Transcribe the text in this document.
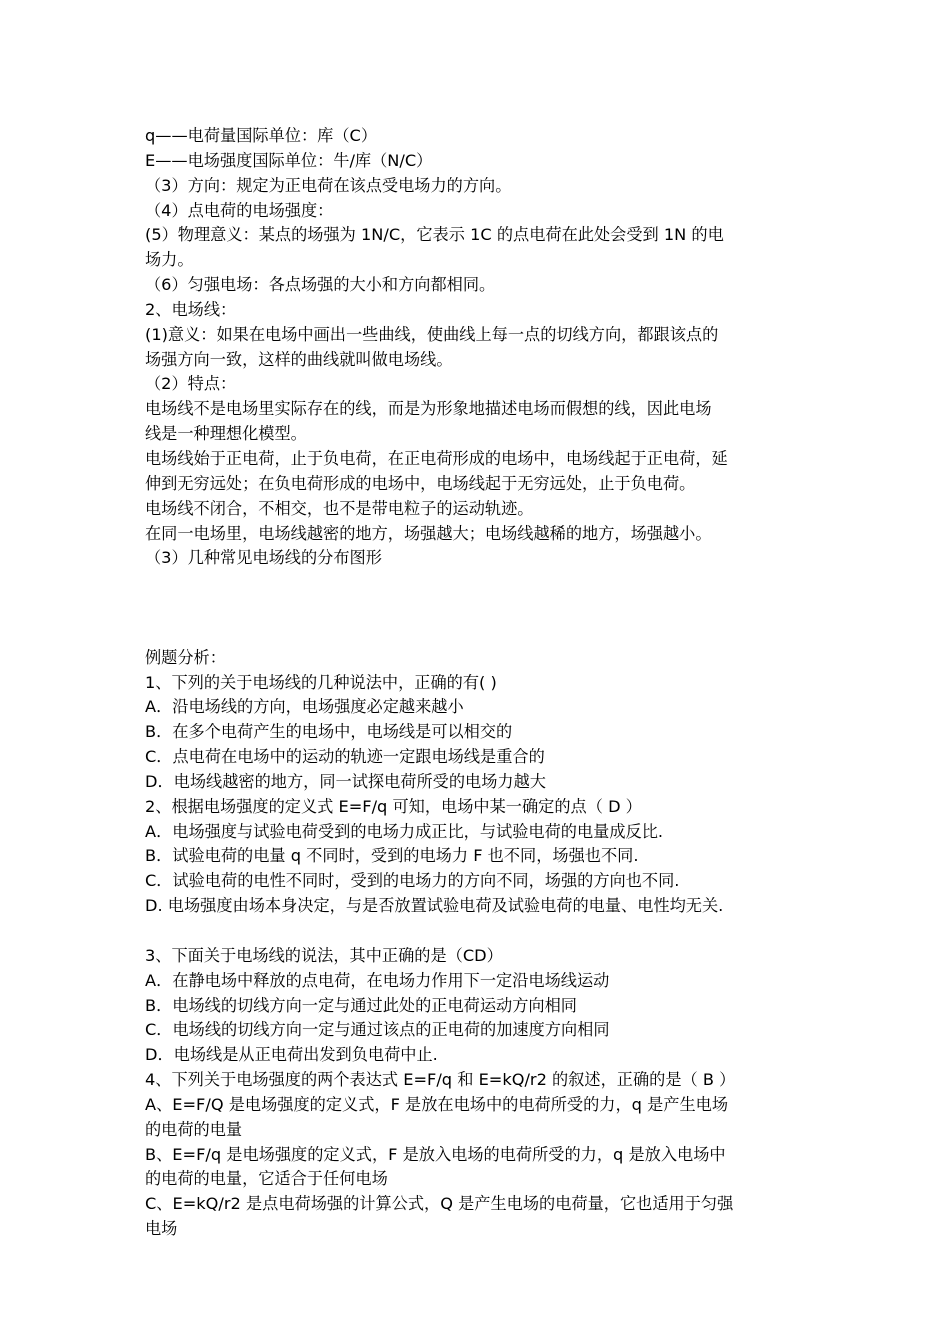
q——电荷量国际单位：库（C）
E——电场强度国际单位：牛/库（N/C）
（3）方向：规定为正电荷在该点受电场力的方向。
（4）点电荷的电场强度：
(5）物理意义：某点的场强为 1N/C，它表示 1C 的点电荷在此处会受到 1N 的电
场力。
（6）匀强电场：各点场强的大小和方向都相同。
2、电场线：
(1)意义：如果在电场中画出一些曲线，使曲线上每一点的切线方向，都跟该点的
场强方向一致，这样的曲线就叫做电场线。
（2）特点：
电场线不是电场里实际存在的线，而是为形象地描述电场而假想的线，因此电场
线是一种理想化模型。
电场线始于正电荷，止于负电荷，在正电荷形成的电场中，电场线起于正电荷，延
伸到无穷远处；在负电荷形成的电场中，电场线起于无穷远处，止于负电荷。
电场线不闭合，不相交，也不是带电粒子的运动轨迹。
在同一电场里，电场线越密的地方，场强越大；电场线越稀的地方，场强越小。
（3）几种常见电场线的分布图形
例题分析：
1、下列的关于电场线的几种说法中，正确的有( )
A．沿电场线的方向，电场强度必定越来越小
B．在多个电荷产生的电场中，电场线是可以相交的
C．点电荷在电场中的运动的轨迹一定跟电场线是重合的
D．电场线越密的地方，同一试探电荷所受的电场力越大
2、根据电场强度的定义式 E=F/q 可知，电场中某一确定的点（ D ）
A．电场强度与试验电荷受到的电场力成正比，与试验电荷的电量成反比.
B．试验电荷的电量 q 不同时，受到的电场力 F 也不同，场强也不同.
C．试验电荷的电性不同时，受到的电场力的方向不同，场强的方向也不同.
D. 电场强度由场本身决定，与是否放置试验电荷及试验电荷的电量、电性均无关.
3、下面关于电场线的说法，其中正确的是（CD）
A．在静电场中释放的点电荷，在电场力作用下一定沿电场线运动
B．电场线的切线方向一定与通过此处的正电荷运动方向相同
C．电场线的切线方向一定与通过该点的正电荷的加速度方向相同
D．电场线是从正电荷出发到负电荷中止.
4、下列关于电场强度的两个表达式 E=F/q 和 E=kQ/r2 的叙述，正确的是（ B ）
A、E=F/Q 是电场强度的定义式，F 是放在电场中的电荷所受的力，q 是产生电场
的电荷的电量
B、E=F/q 是电场强度的定义式，F 是放入电场的电荷所受的力，q 是放入电场中
的电荷的电量，它适合于任何电场
C、E=kQ/r2 是点电荷场强的计算公式，Q 是产生电场的电荷量，它也适用于匀强
电场
